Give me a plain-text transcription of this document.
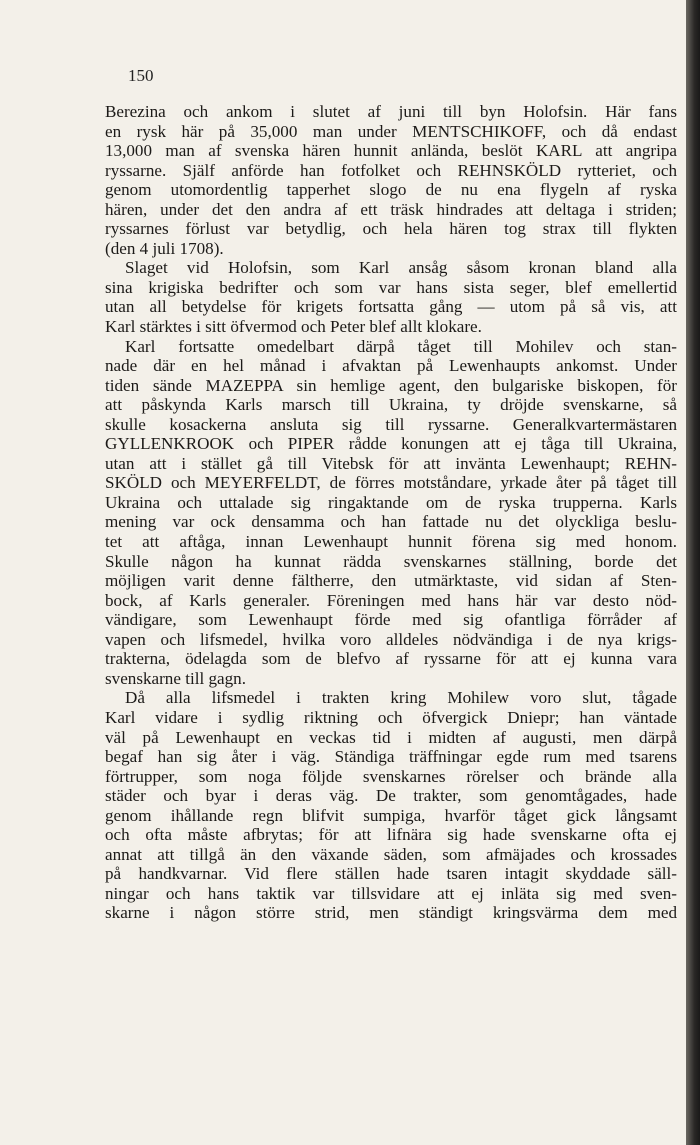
150
Berezina och ankom i slutet af juni till byn Holofsin. Här fans
en rysk här på 35,000 man under MENTSCHIKOFF, och då endast
13,000 man af svenska hären hunnit anlända, beslöt KARL att angripa
ryssarne. Själf anförde han fotfolket och REHNSKÖLD rytteriet, och
genom utomordentlig tapperhet slogo de nu ena flygeln af ryska
hären, under det den andra af ett träsk hindrades att deltaga i striden;
ryssarnes förlust var betydlig, och hela hären tog strax till flykten
(den 4 juli 1708).
Slaget vid Holofsin, som Karl ansåg såsom kronan bland alla
sina krigiska bedrifter och som var hans sista seger, blef emellertid
utan all betydelse för krigets fortsatta gång — utom på så vis, att
Karl stärktes i sitt öfvermod och Peter blef allt klokare.
Karl fortsatte omedelbart därpå tåget till Mohilev och stan-
nade där en hel månad i afvaktan på Lewenhaupts ankomst. Under
tiden sände MAZEPPA sin hemlige agent, den bulgariske biskopen, för
att påskynda Karls marsch till Ukraina, ty dröjde svenskarne, så
skulle kosackerna ansluta sig till ryssarne. Generalkvartermästaren
GYLLENKROOK och PIPER rådde konungen att ej tåga till Ukraina,
utan att i stället gå till Vitebsk för att invänta Lewenhaupt; REHN-
SKÖLD och MEYERFELDT, de förres motståndare, yrkade åter på tåget till
Ukraina och uttalade sig ringaktande om de ryska trupperna. Karls
mening var ock densamma och han fattade nu det olyckliga beslu-
tet att aftåga, innan Lewenhaupt hunnit förena sig med honom.
Skulle någon ha kunnat rädda svenskarnes ställning, borde det
möjligen varit denne fältherre, den utmärktaste, vid sidan af Sten-
bock, af Karls generaler. Föreningen med hans här var desto nöd-
vändigare, som Lewenhaupt förde med sig ofantliga förråder af
vapen och lifsmedel, hvilka voro alldeles nödvändiga i de nya krigs-
trakterna, ödelagda som de blefvo af ryssarne för att ej kunna vara
svenskarne till gagn.
Då alla lifsmedel i trakten kring Mohilew voro slut, tågade
Karl vidare i sydlig riktning och öfvergick Dniepr; han väntade
väl på Lewenhaupt en veckas tid i midten af augusti, men därpå
begaf han sig åter i väg. Ständiga träffningar egde rum med tsarens
förtrupper, som noga följde svenskarnes rörelser och brände alla
städer och byar i deras väg. De trakter, som genomtågades, hade
genom ihållande regn blifvit sumpiga, hvarför tåget gick långsamt
och ofta måste afbrytas; för att lifnära sig hade svenskarne ofta ej
annat att tillgå än den växande säden, som afmäjades och krossades
på handkvarnar. Vid flere ställen hade tsaren intagit skyddade säll-
ningar och hans taktik var tillsvidare att ej inläta sig med sven-
skarne i någon större strid, men ständigt kringsvärma dem med
